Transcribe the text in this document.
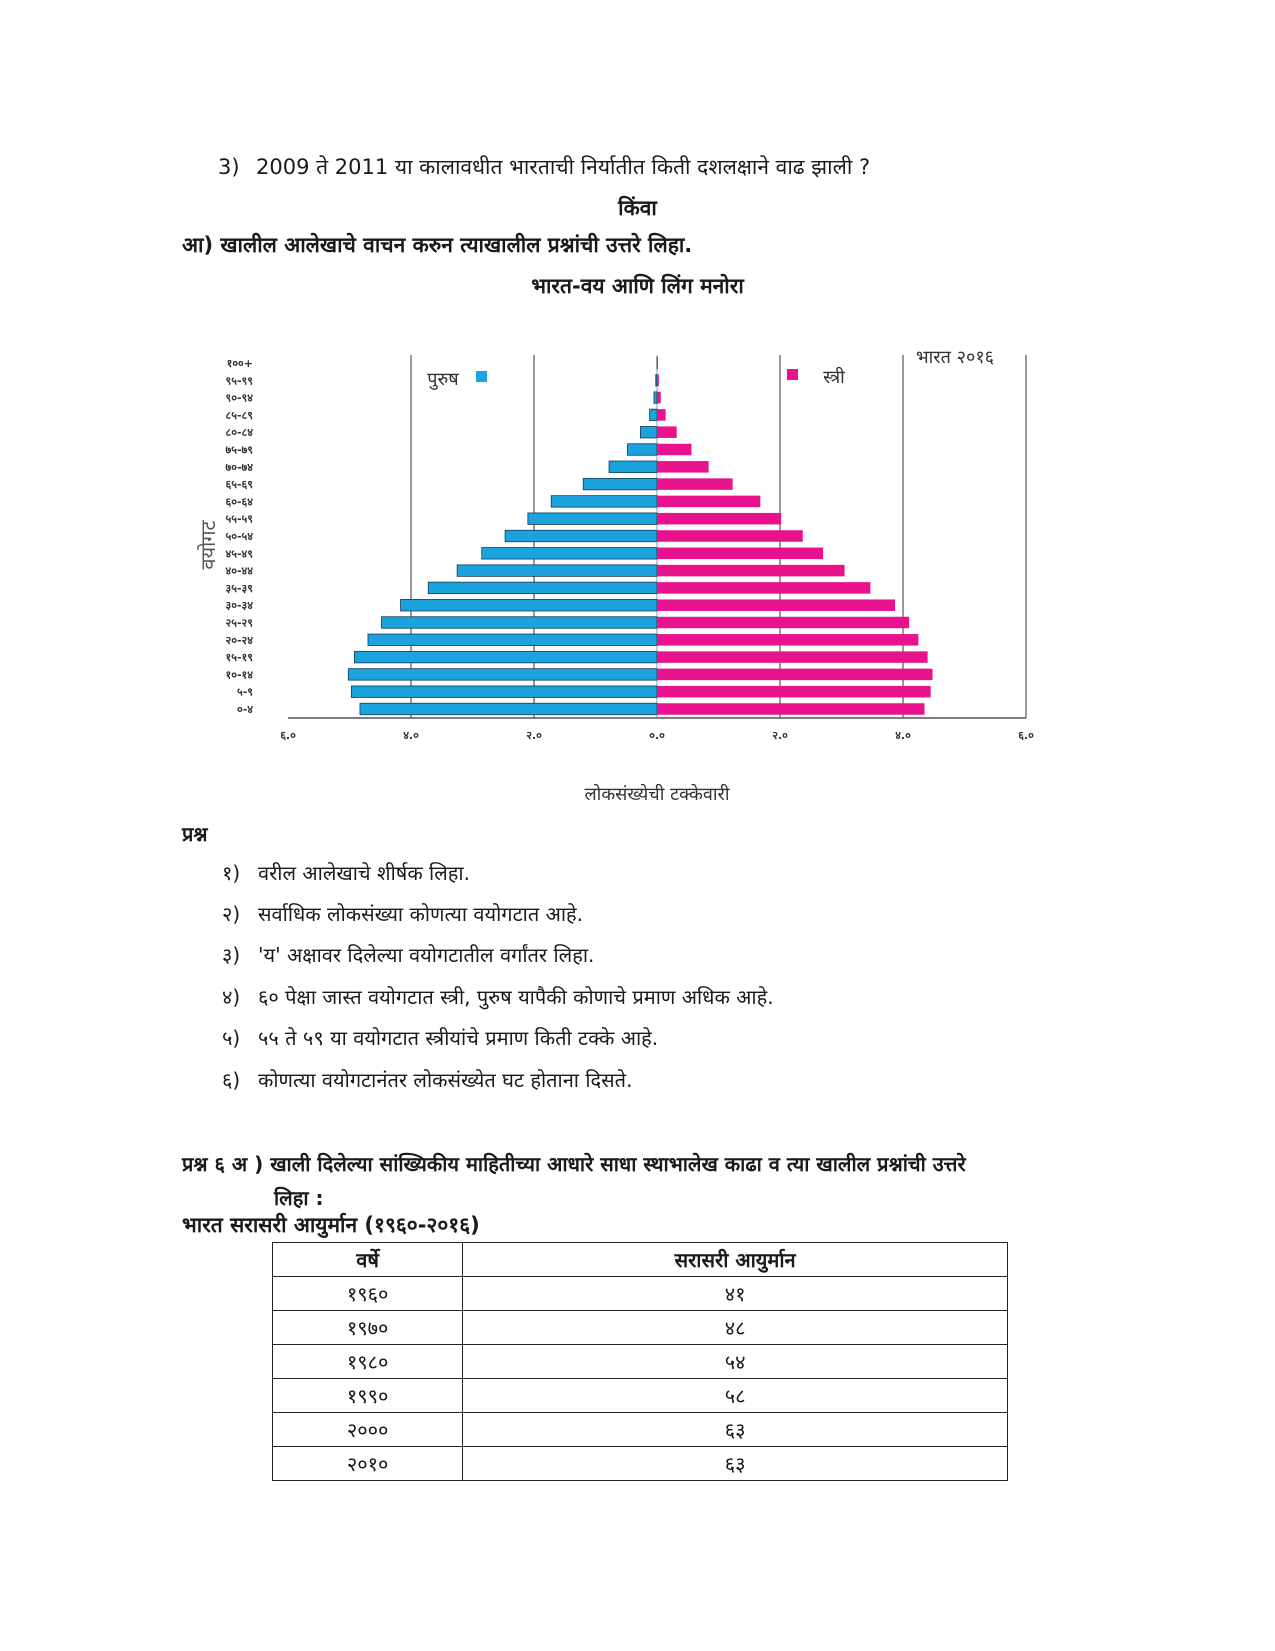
3) 2009 ते 2011 या कालावधीत भारताची निर्यातीत किती दशलक्षाने वाढ झाली ?
किंवा
आ) खालील आलेखाचे वाचन करुन त्याखालील प्रश्नांची उत्तरे लिहा.
भारत-वय आणि लिंग मनोरा
१००+
९५-९९
९०-९४
८५-८९
८०-८४
७५-७९
७०-७४
६५-६९
६०-६४
५५-५९
५०-५४
४५-४९
४०-४४
३५-३९
३०-३४
२५-२९
२०-२४
१५-१९
१०-१४
५-९
०-४
६.०	४.०	२.०	०.०	२.०	४.०	६.०
वयोगट
लोकसंख्येची टक्केवारी
भारत २०१६
पुरुष	स्त्री
प्रश्न
१) वरील आलेखाचे शीर्षक लिहा.
२) सर्वाधिक लोकसंख्या कोणत्या वयोगटात आहे.
३) 'य' अक्षावर दिलेल्या वयोगटातील वर्गांतर लिहा.
४) ६० पेक्षा जास्त वयोगटात स्त्री, पुरुष यापैकी कोणाचे प्रमाण अधिक आहे.
५) ५५ ते ५९ या वयोगटात स्त्रीयांचे प्रमाण किती टक्के आहे.
६) कोणत्या वयोगटानंतर लोकसंख्येत घट होताना दिसते.
प्रश्न ६ अ ) खाली दिलेल्या सांख्यिकीय माहितीच्या आधारे साधा स्थाभालेख काढा व त्या खालील प्रश्नांची उत्तरे
लिहा :
भारत सरासरी आयुर्मान (१९६०-२०१६)
वर्षे	सरासरी आयुर्मान
१९६०	४१
१९७०	४८
१९८०	५४
१९९०	५८
२०००	६३
२०१०	६३
